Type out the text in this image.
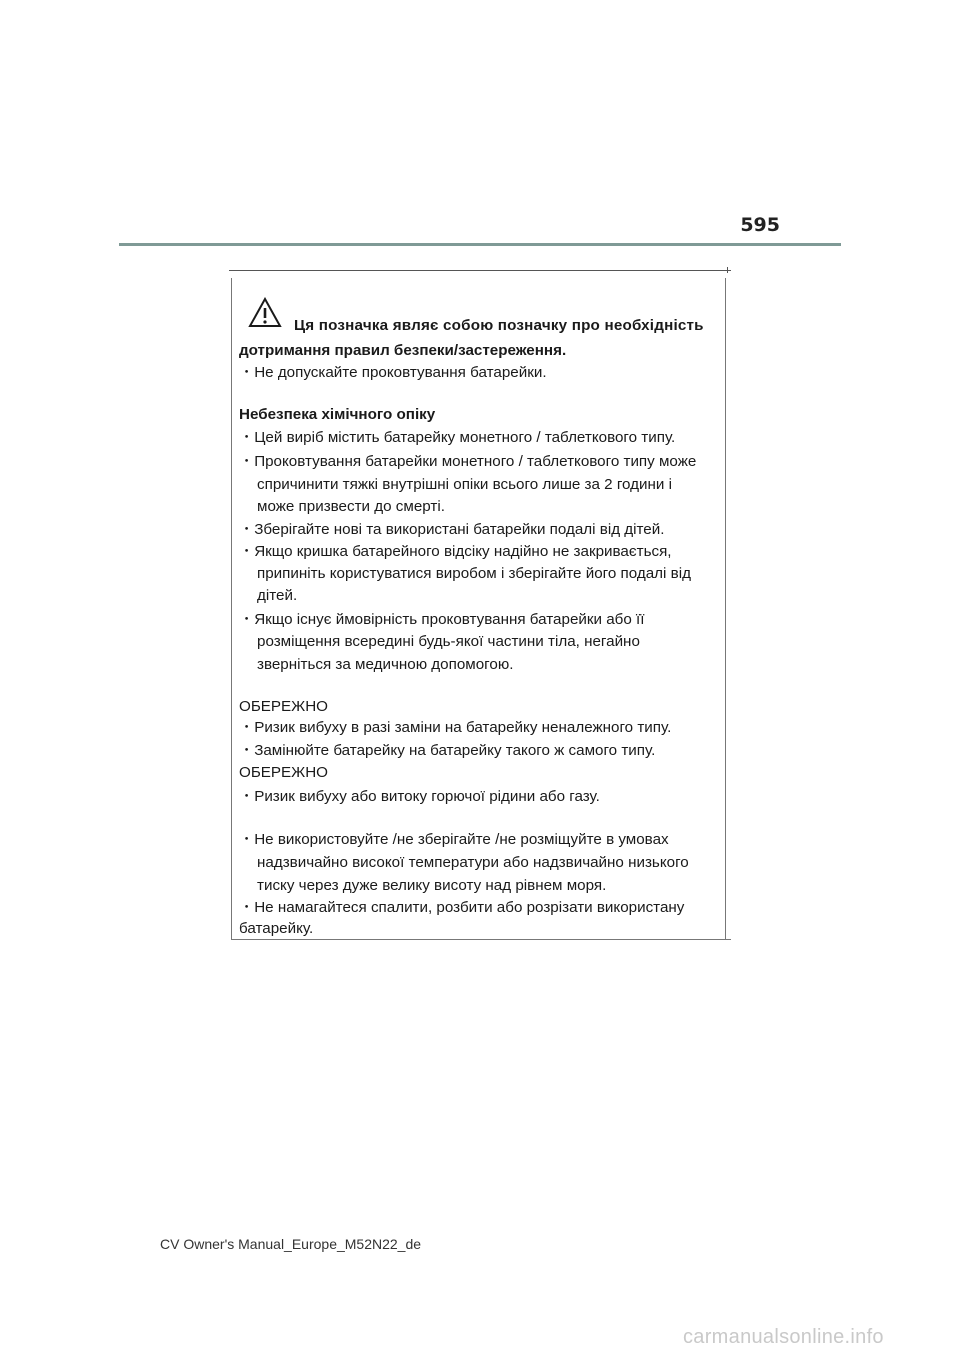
595
Ця позначка являє собою позначку про необхідність
дотримання правил безпеки/застереження.
・Не допускайте проковтування батарейки.
Небезпека хімічного опіку
・Цей виріб містить батарейку монетного / таблеткового типу.
・Проковтування батарейки монетного / таблеткового типу може
спричинити тяжкі внутрішні опіки всього лише за 2 години і
може призвести до смерті.
・Зберігайте нові та використані батарейки подалі від дітей.
・Якщо кришка батарейного відсіку надійно не закривається,
припиніть користуватися виробом і зберігайте його подалі від
дітей.
・Якщо існує ймовірність проковтування батарейки або її
розміщення всередині будь-якої частини тіла, негайно
зверніться за медичною допомогою.
ОБЕРЕЖНО
・Ризик вибуху в разі заміни на батарейку неналежного типу.
・Замінюйте батарейку на батарейку такого ж самого типу.
ОБЕРЕЖНО
・Ризик вибуху або витоку горючої рідини або газу.
・Не використовуйте /не зберігайте /не розміщуйте в умовах
надзвичайно високої температури або надзвичайно низького
тиску через дуже велику висоту над рівнем моря.
・Не намагайтеся спалити, розбити або розрізати використану
батарейку.
CV Owner's Manual_Europe_M52N22_de
carmanualsonline.info
